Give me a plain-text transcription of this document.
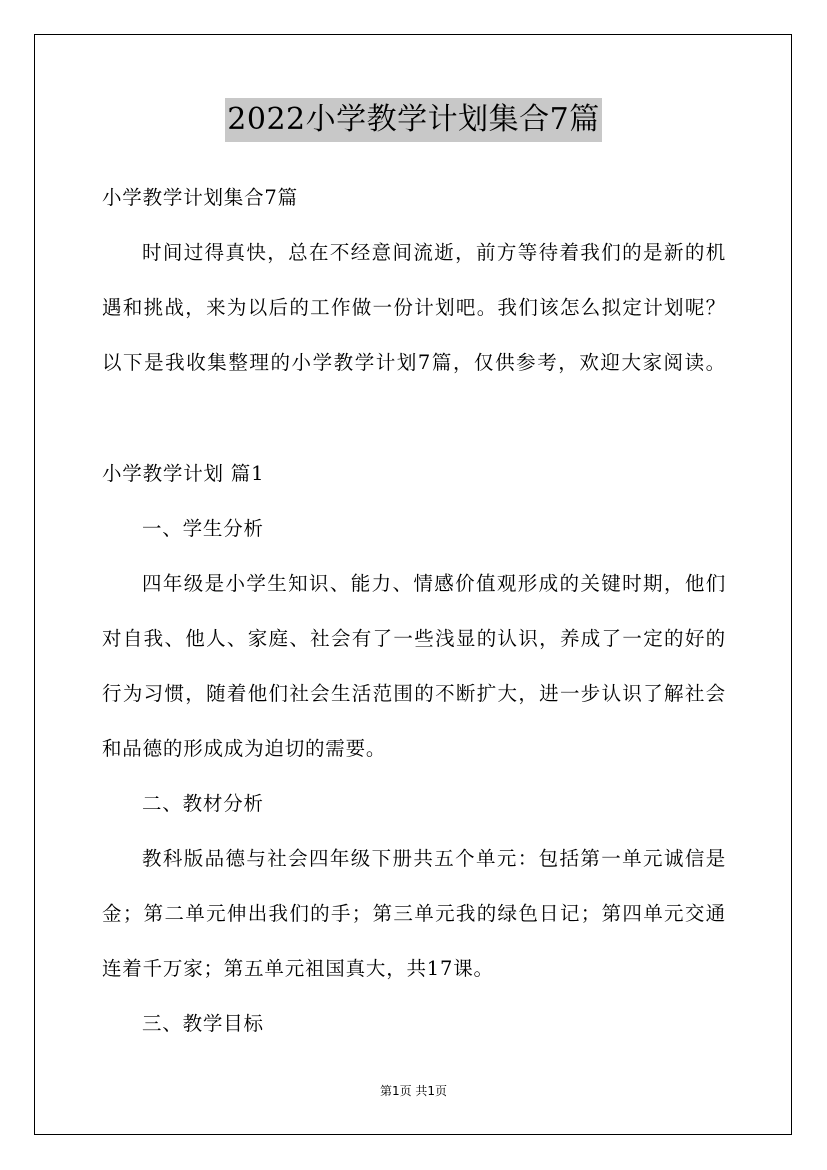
2022小学教学计划集合7篇
小学教学计划集合7篇
时间过得真快，总在不经意间流逝，前方等待着我们的是新的机
遇和挑战，来为以后的工作做一份计划吧。我们该怎么拟定计划呢？
以下是我收集整理的小学教学计划7篇，仅供参考，欢迎大家阅读。
小学教学计划 篇1
一、学生分析
四年级是小学生知识、能力、情感价值观形成的关键时期，他们
对自我、他人、家庭、社会有了一些浅显的认识，养成了一定的好的
行为习惯，随着他们社会生活范围的不断扩大，进一步认识了解社会
和品德的形成成为迫切的需要。
二、教材分析
教科版品德与社会四年级下册共五个单元：包括第一单元诚信是
金；第二单元伸出我们的手；第三单元我的绿色日记；第四单元交通
连着千万家；第五单元祖国真大，共17课。
三、教学目标
第1页 共1页
